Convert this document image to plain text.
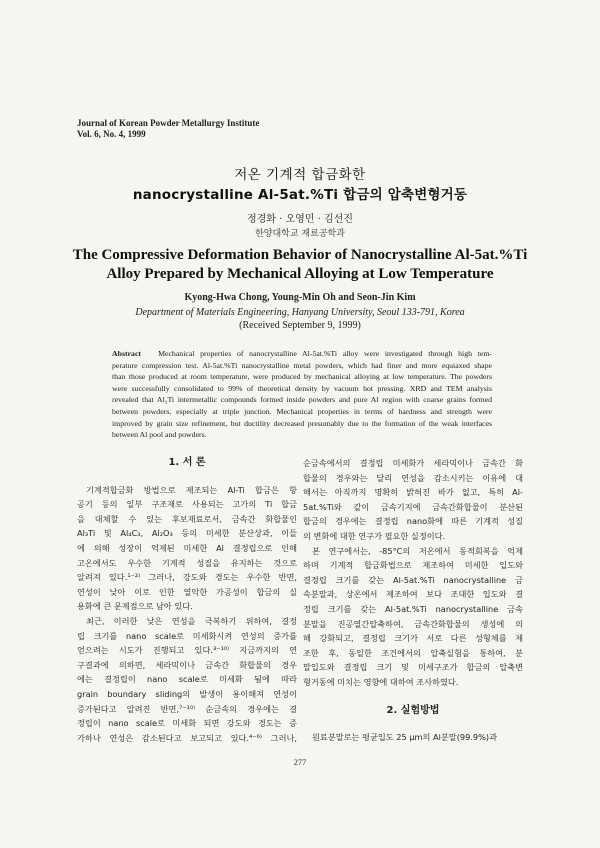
Journal of Korean Powder Metallurgy Institute
Vol. 6, No. 4, 1999
저온 기계적 합금화한
nanocrystalline Al-5at.%Ti 합금의 압축변형거동
정경화 · 오영민 · 김선진
한양대학교 재료공학과
The Compressive Deformation Behavior of Nanocrystalline Al-5at.%Ti
Alloy Prepared by Mechanical Alloying at Low Temperature
Kyong-Hwa Chong, Young-Min Oh and Seon-Jin Kim
Department of Materials Engineering, Hanyang University, Seoul 133-791, Korea
(Received September 9, 1999)
Abstract Mechanical properties of nanocrystalline Al-5at.%Ti alloy were investigated through high tem-
perature compression test. Al-5at.%Ti nanocrystalline metal powders, which had finer and more equiaxed shape
than those produced at room temperature, were produced by mechanical alloying at low temperature. The powders
were successfully consolidated to 99% of theoretical density by vacuum hot pressing. XRD and TEM analysis
revealed that Al₃Ti intermetallic compounds formed inside powders and pure Al region with coarse grains formed
between powders, especially at triple junction. Mechanical properties in terms of hardness and strength were
improved by grain size refinement, but ductility decreased presumably due to the formation of the weak interfaces
between Al pool and powders.
1. 서 론
기계적합금화 방법으로 제조되는 Al-Ti 합금은 항
공기 등의 일부 구조재로 사용되는 고가의 Ti 합금
을 대체할 수 있는 후보재료로서, 금속간 화합물인
Al₃Ti 및 Al₄C₃, Al₂O₃ 등의 미세한 분산상과, 이들
에 의해 성장이 억제된 미세한 Al 결정립으로 인해
고온에서도 우수한 기계적 성질을 유지하는 것으로
알려져 있다.¹⁻²⁾ 그러나, 강도와 경도는 우수한 반면,
연성이 낮아 이로 인한 열악한 가공성이 합금의 실
용화에 큰 문제점으로 남아 있다.
최근, 이러한 낮은 연성을 극복하기 위하여, 결정
립 크기를 nano scale로 미세화시켜 연성의 증가를
얻으려는 시도가 진행되고 있다.³⁻¹⁰⁾ 지금까지의 연
구결과에 의하면, 세라믹이나 금속간 화합물의 경우
에는 결정립이 nano scale로 미세화 됨에 따라
grain boundary sliding의 발생이 용이해져 연성이
증가된다고 알려진 반면,⁷⁻¹⁰⁾ 순금속의 경우에는 결
정립이 nano scale로 미세화 되면 강도와 경도는 증
가하나 연성은 감소된다고 보고되고 있다.⁴⁻⁶⁾ 그러나,
순금속에서의 결정립 미세화가 세라믹이나 금속간 화
합물의 경우와는 달리 연성을 감소시키는 이유에 대
해서는 아직까지 명확히 밝혀진 바가 없고, 특히 Al-
5at.%Ti와 같이 금속기지에 금속간화합물이 분산된
합금의 경우에는 결정립 nano화에 따른 기계적 성질
의 변화에 대한 연구가 필요한 실정이다.
본 연구에서는, -85°C의 저온에서 동적회복을 억제
하며 기계적 합금화법으로 제조하여 미세한 입도와
결정립 크기를 갖는 Al-5at.%Ti nanocrystalline 금
속분말과, 상온에서 제조하여 보다 조대한 입도와 결
정립 크기를 갖는 Al-5at.%Ti nanocrystalline 금속
분말을 진공열간압축하여, 금속간화합물의 생성에 의
해 강화되고, 결정립 크기가 서로 다른 성형체를 제
조한 후, 동일한 조건에서의 압축실험을 통하여, 분
말입도와 결정립 크기 및 미세구조가 합금의 압축변
형거동에 미치는 영향에 대하여 조사하였다.
2. 실험방법
원료분말로는 평균입도 25 μm의 Al분말(99.9%)과
277
